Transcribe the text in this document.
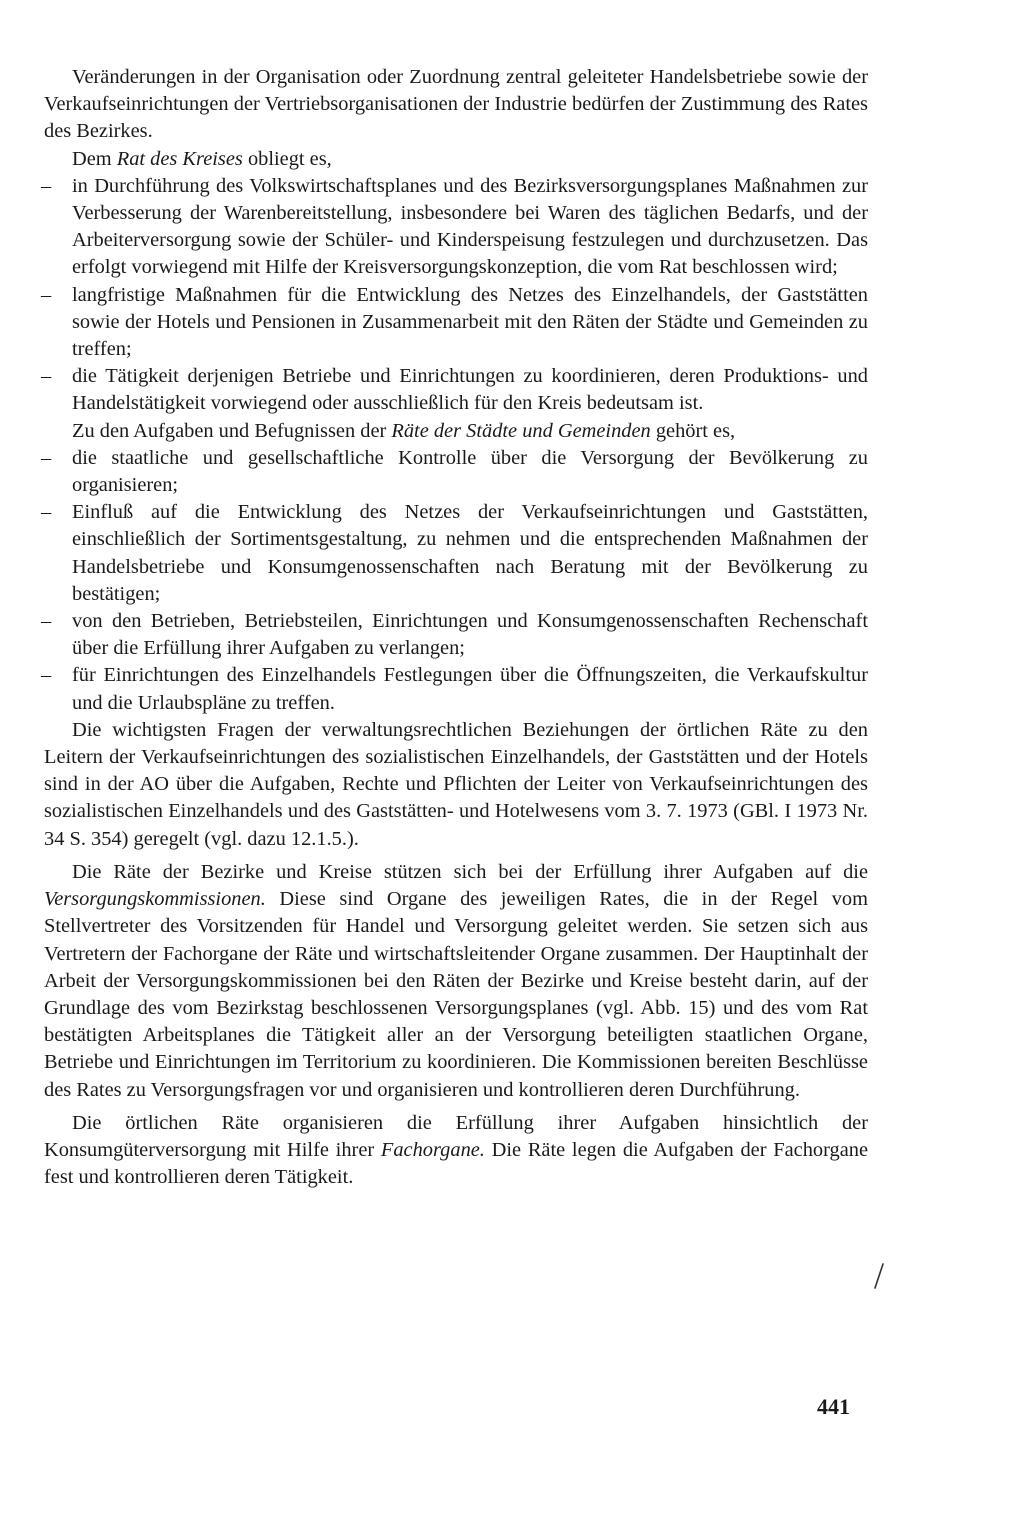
Veränderungen in der Organisation oder Zuordnung zentral geleiteter Handelsbetriebe sowie der Verkaufseinrichtungen der Vertriebsorganisationen der Industrie bedürfen der Zustimmung des Rates des Bezirkes.

Dem Rat des Kreises obliegt es,

– in Durchführung des Volkswirtschaftsplanes und des Bezirksversorgungsplanes Maßnahmen zur Verbesserung der Warenbereitstellung, insbesondere bei Waren des täglichen Bedarfs, und der Arbeiterversorgung sowie der Schüler- und Kinderspeisung festzulegen und durchzusetzen. Das erfolgt vorwiegend mit Hilfe der Kreisversorgungskonzeption, die vom Rat beschlossen wird;
– langfristige Maßnahmen für die Entwicklung des Netzes des Einzelhandels, der Gaststätten sowie der Hotels und Pensionen in Zusammenarbeit mit den Räten der Städte und Gemeinden zu treffen;
– die Tätigkeit derjenigen Betriebe und Einrichtungen zu koordinieren, deren Produktions- und Handelstätigkeit vorwiegend oder ausschließlich für den Kreis bedeutsam ist.

Zu den Aufgaben und Befugnissen der Räte der Städte und Gemeinden gehört es,

– die staatliche und gesellschaftliche Kontrolle über die Versorgung der Bevölkerung zu organisieren;
– Einfluß auf die Entwicklung des Netzes der Verkaufseinrichtungen und Gaststätten, einschließlich der Sortimentsgestaltung, zu nehmen und die entsprechenden Maßnahmen der Handelsbetriebe und Konsumgenossenschaften nach Beratung mit der Bevölkerung zu bestätigen;
– von den Betrieben, Betriebsteilen, Einrichtungen und Konsumgenossenschaften Rechenschaft über die Erfüllung ihrer Aufgaben zu verlangen;
– für Einrichtungen des Einzelhandels Festlegungen über die Öffnungszeiten, die Verkaufskultur und die Urlaubspläne zu treffen.

Die wichtigsten Fragen der verwaltungsrechtlichen Beziehungen der örtlichen Räte zu den Leitern der Verkaufseinrichtungen des sozialistischen Einzelhandels, der Gaststätten und der Hotels sind in der AO über die Aufgaben, Rechte und Pflichten der Leiter von Verkaufseinrichtungen des sozialistischen Einzelhandels und des Gaststätten- und Hotelwesens vom 3. 7. 1973 (GBl. I 1973 Nr. 34 S. 354) geregelt (vgl. dazu 12.1.5.).

Die Räte der Bezirke und Kreise stützen sich bei der Erfüllung ihrer Aufgaben auf die Versorgungskommissionen. Diese sind Organe des jeweiligen Rates, die in der Regel vom Stellvertreter des Vorsitzenden für Handel und Versorgung geleitet werden. Sie setzen sich aus Vertretern der Fachorgane der Räte und wirtschaftsleitender Organe zusammen. Der Hauptinhalt der Arbeit der Versorgungskommissionen bei den Räten der Bezirke und Kreise besteht darin, auf der Grundlage des vom Bezirkstag beschlossenen Versorgungsplanes (vgl. Abb. 15) und des vom Rat bestätigten Arbeitsplanes die Tätigkeit aller an der Versorgung beteiligten staatlichen Organe, Betriebe und Einrichtungen im Territorium zu koordinieren. Die Kommissionen bereiten Beschlüsse des Rates zu Versorgungsfragen vor und organisieren und kontrollieren deren Durchführung.

Die örtlichen Räte organisieren die Erfüllung ihrer Aufgaben hinsichtlich der Konsumgüterversorgung mit Hilfe ihrer Fachorgane. Die Räte legen die Aufgaben der Fachorgane fest und kontrollieren deren Tätigkeit.

441
